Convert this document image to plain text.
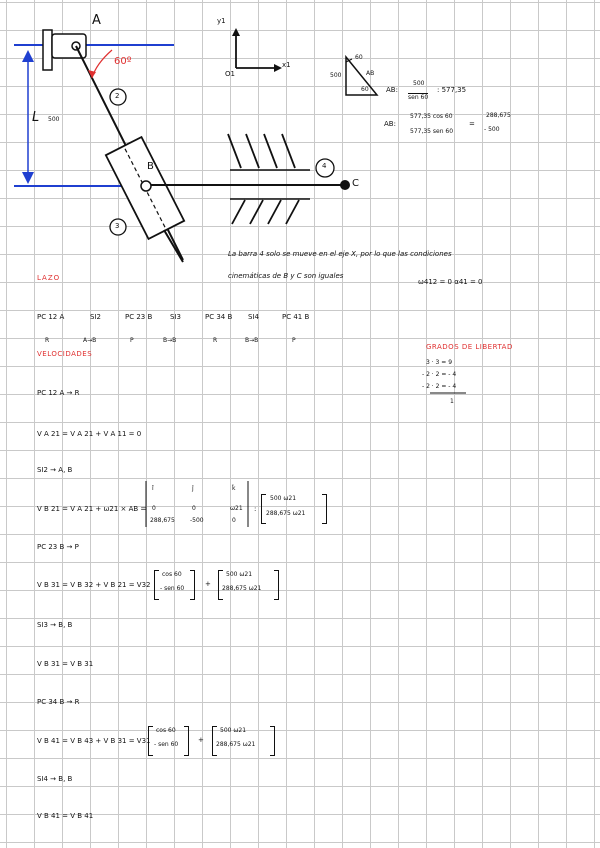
A
60º
L 500
2
B
3
4
C
y1
x1
O1
60
500	AB
60 AB:
500
sen 60
: 577,35
AB:
577,35 cos 60
577,35 sen 60
=
288,675
- 500
La barra 4 solo se mueve en el eje X, por lo que las condiciones
cinemáticas de B y C son iguales
ω412 = 0 α41 = 0
LAZO
PC 12 A	SI2	PC 23 B	SI3	PC 34 B SI4	PC 41 B
R	A→B	P	B→B	R	B→B	P
GRADOS DE LIBERTAD
3 · 3 = 9
- 2 · 2 = - 4
- 2 · 2 = - 4
1
VELOCIDADES
PC 12 A → R
V A 21 = V A 21 + V A 11 = 0
SI2 → A, B
V B 21 = V A 21 + ω21 × AB =
î	ĵ	k̂
0	0	ω21
288,675	-500	0
:
500 ω21
288,675 ω21
PC 23 B → P
V B 31 = V B 32 + V B 21 = V32
cos 60
- sen 60
+
500 ω21
288,675 ω21
SI3 → B, B
V B 31 = V B 31
PC 34 B → R
V B 41 = V B 43 + V B 31 = V31
cos 60
- sen 60
+
500 ω21
288,675 ω21
SI4 → B, B
V B 41 = V B 41
